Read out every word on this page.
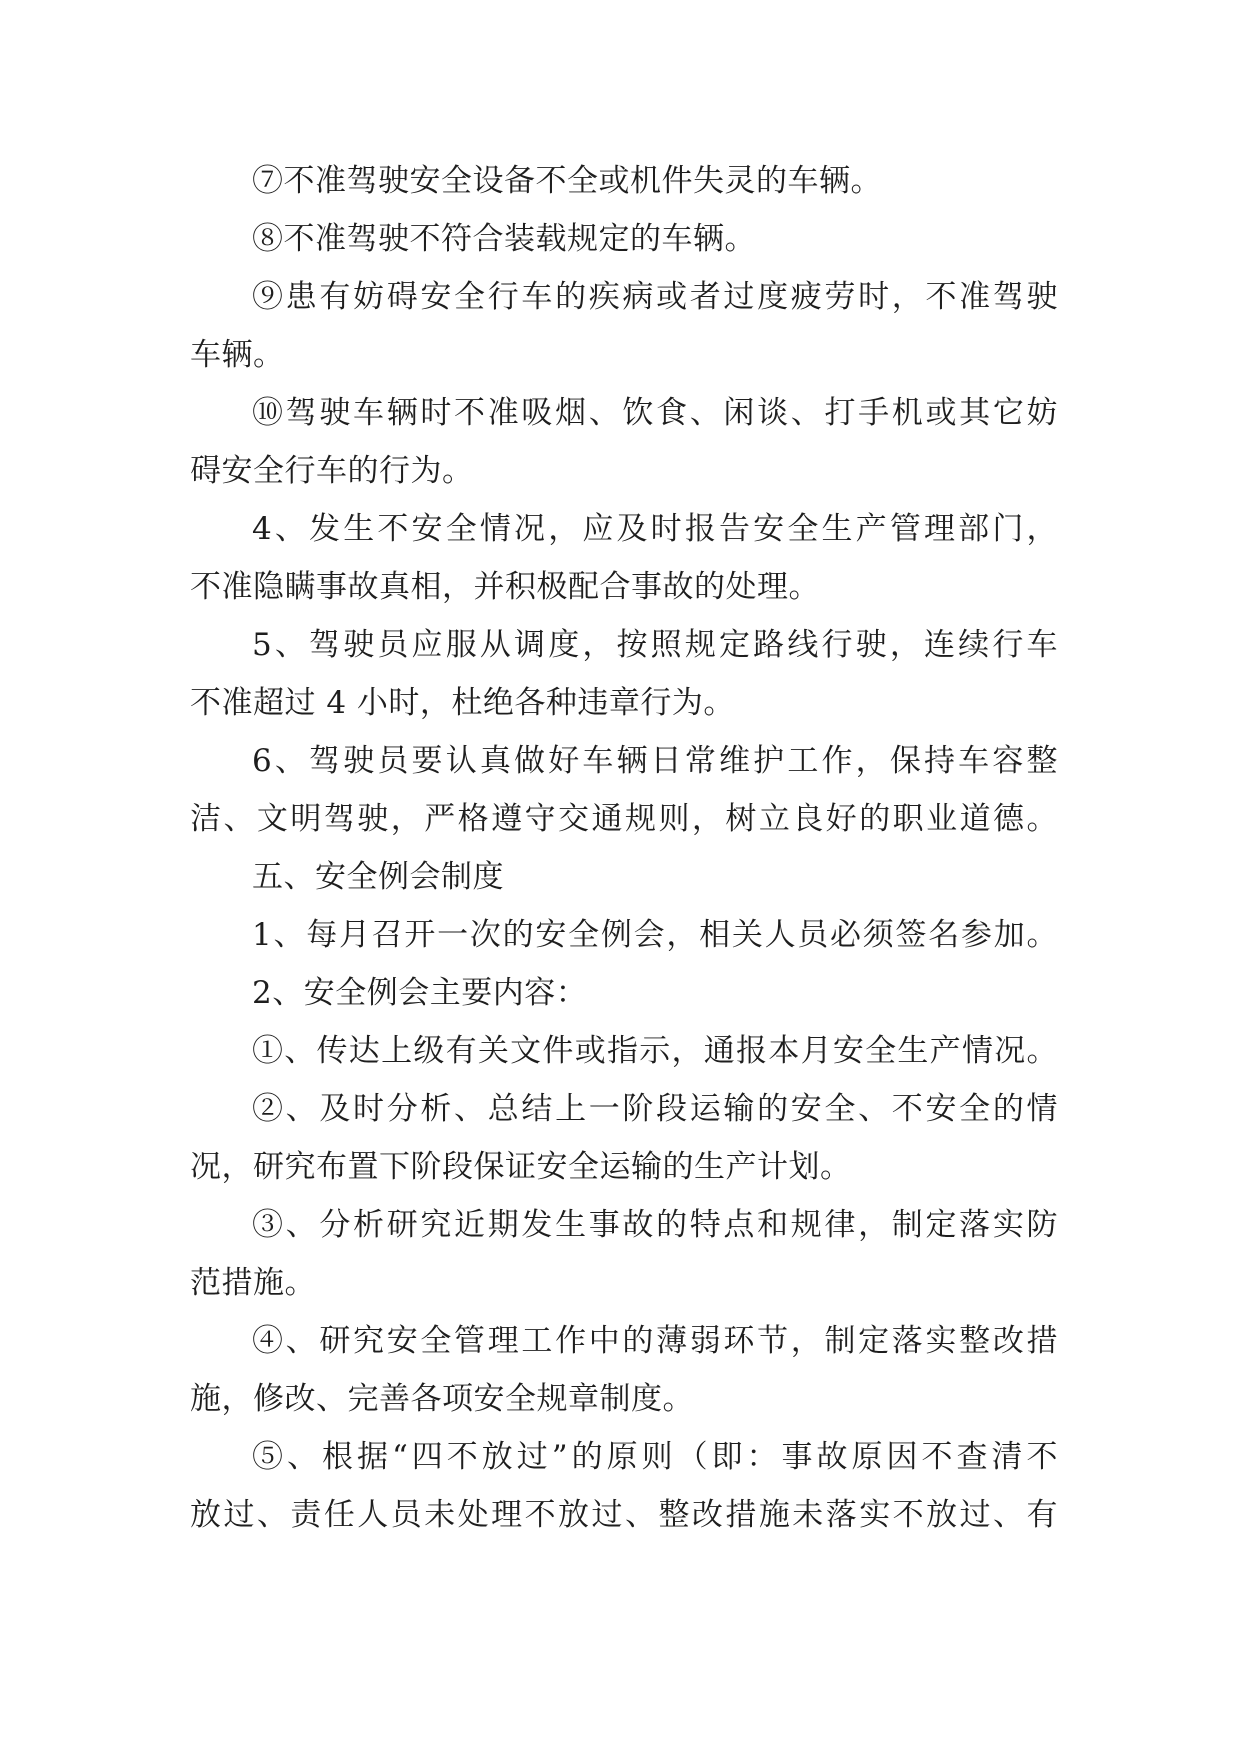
⑦不准驾驶安全设备不全或机件失灵的车辆。
⑧不准驾驶不符合装载规定的车辆。
⑨患有妨碍安全行车的疾病或者过度疲劳时，不准驾驶
车辆。
⑩驾驶车辆时不准吸烟、饮食、闲谈、打手机或其它妨
碍安全行车的行为。
4、发生不安全情况，应及时报告安全生产管理部门，
不准隐瞒事故真相，并积极配合事故的处理。
5、驾驶员应服从调度，按照规定路线行驶，连续行车
不准超过 4 小时，杜绝各种违章行为。
6、驾驶员要认真做好车辆日常维护工作，保持车容整
洁、文明驾驶，严格遵守交通规则，树立良好的职业道德。
五、安全例会制度
1、每月召开一次的安全例会，相关人员必须签名参加。
2、安全例会主要内容：
①、传达上级有关文件或指示，通报本月安全生产情况。
②、及时分析、总结上一阶段运输的安全、不安全的情
况，研究布置下阶段保证安全运输的生产计划。
③、分析研究近期发生事故的特点和规律，制定落实防
范措施。
④、研究安全管理工作中的薄弱环节，制定落实整改措
施，修改、完善各项安全规章制度。
⑤、根据“四不放过”的原则（即：事故原因不查清不
放过、责任人员未处理不放过、整改措施未落实不放过、有
